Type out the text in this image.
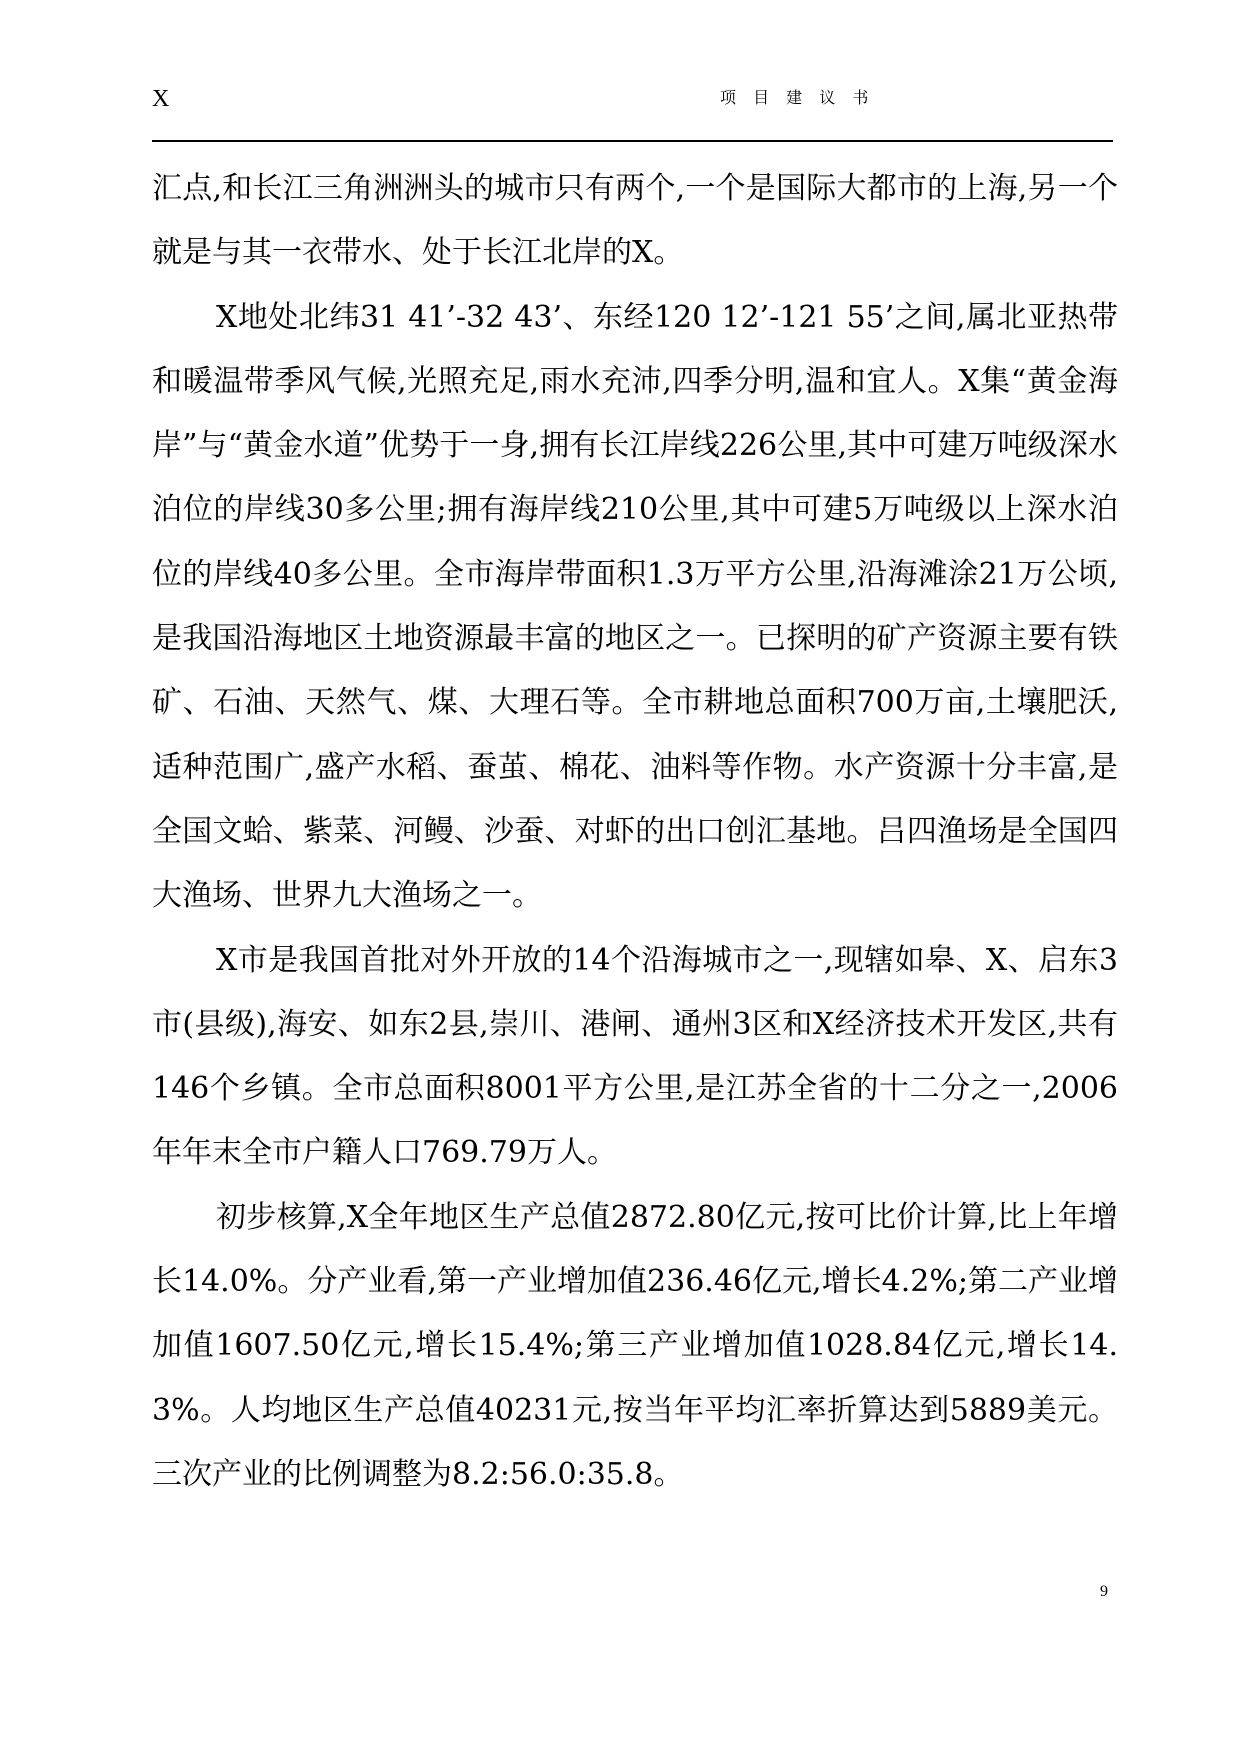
X	项 目 建 议 书

汇点,和长江三角洲洲头的城市只有两个,一个是国际大都市的上海,另一个就是与其一衣带水、处于长江北岸的X。

X地处北纬31 41’-32 43’、东经120 12’-121 55’之间,属北亚热带和暖温带季风气候,光照充足,雨水充沛,四季分明,温和宜人。X集“黄金海岸”与“黄金水道”优势于一身,拥有长江岸线226公里,其中可建万吨级深水泊位的岸线30多公里;拥有海岸线210公里,其中可建5万吨级以上深水泊位的岸线40多公里。全市海岸带面积1.3万平方公里,沿海滩涂21万公顷,是我国沿海地区土地资源最丰富的地区之一。已探明的矿产资源主要有铁矿、石油、天然气、煤、大理石等。全市耕地总面积700万亩,土壤肥沃,适种范围广,盛产水稻、蚕茧、棉花、油料等作物。水产资源十分丰富,是全国文蛤、紫菜、河鳗、沙蚕、对虾的出口创汇基地。吕四渔场是全国四大渔场、世界九大渔场之一。

X市是我国首批对外开放的14个沿海城市之一,现辖如皋、X、启东3市(县级),海安、如东2县,崇川、港闸、通州3区和X经济技术开发区,共有146个乡镇。全市总面积8001平方公里,是江苏全省的十二分之一,2006年年末全市户籍人口769.79万人。

初步核算,X全年地区生产总值2872.80亿元,按可比价计算,比上年增长14.0%。分产业看,第一产业增加值236.46亿元,增长4.2%;第二产业增加值1607.50亿元,增长15.4%;第三产业增加值1028.84亿元,增长14.3%。人均地区生产总值40231元,按当年平均汇率折算达到5889美元。三次产业的比例调整为8.2:56.0:35.8。

9
